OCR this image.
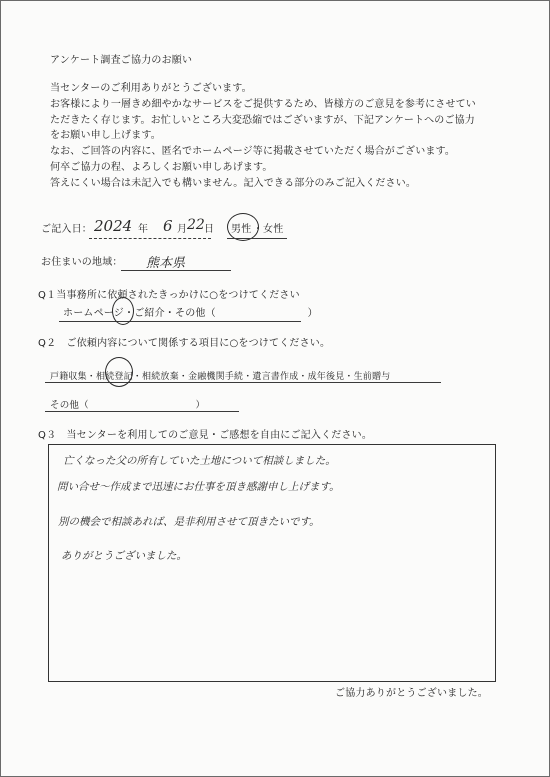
アンケート調査ご協力のお願い
当センターのご利用ありがとうございます。
お客様により一層きめ細やかなサービスをご提供するため、皆様方のご意見を参考にさせてい
ただきたく存じます。お忙しいところ大変恐縮ではございますが、下記アンケートへのご協力
をお願い申し上げます。
なお、ご回答の内容に、匿名でホームページ等に掲載させていただく場合がございます。
何卒ご協力の程、よろしくお願い申しあげます。
答えにくい場合は未記入でも構いません。記入できる部分のみご記入ください。
ご記入日： 2024 年 6 月 22 日 男性 ・ 女性
お住まいの地域： 熊本県
Q１当事務所に依頼されたきっかけに○をつけてください
ホームページ・ご紹介・その他（　　　　　　　　　）
Q２　ご依頼内容について関係する項目に○をつけてください。
戸籍収集・相続登記・相続放棄・金融機関手続・遺言書作成・成年後見・生前贈与
その他（　　　　　　　　　　　）
Q３　当センターを利用してのご意見・ご感想を自由にご記入ください。
亡くなった父の所有していた土地について相談しました。
問い合せ～作成まで迅速にお仕事を頂き感謝申し上げます。
別の機会で相談あれば、是非利用させて頂きたいです。
ありがとうございました。
ご協力ありがとうございました。
